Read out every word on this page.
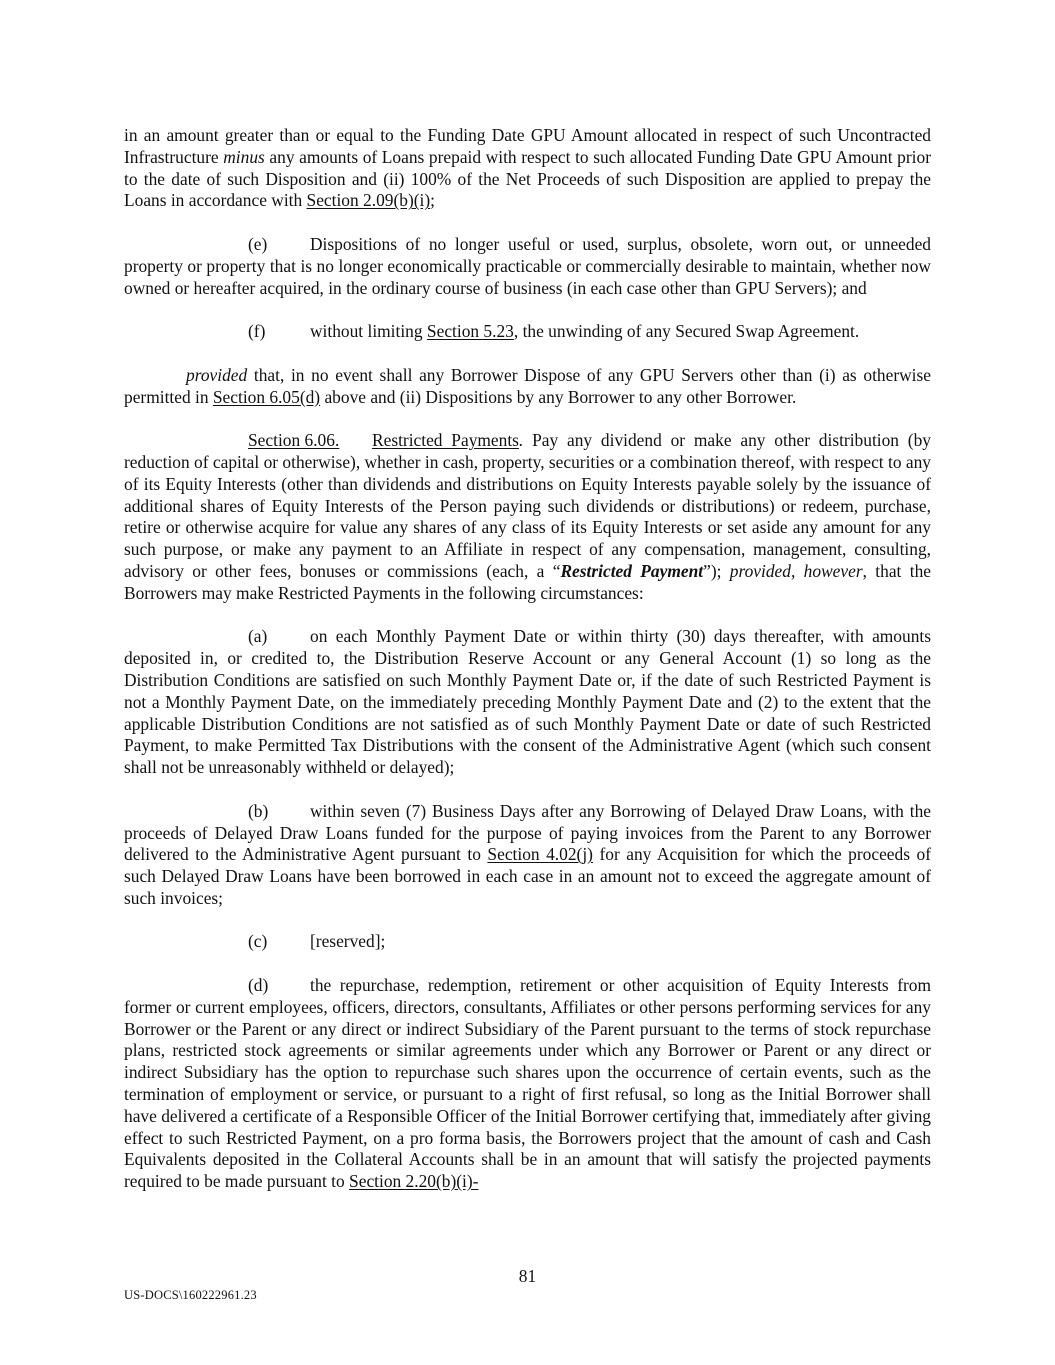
in an amount greater than or equal to the Funding Date GPU Amount allocated in respect of such Uncontracted Infrastructure minus any amounts of Loans prepaid with respect to such allocated Funding Date GPU Amount prior to the date of such Disposition and (ii) 100% of the Net Proceeds of such Disposition are applied to prepay the Loans in accordance with Section 2.09(b)(i);

(e) Dispositions of no longer useful or used, surplus, obsolete, worn out, or unneeded property or property that is no longer economically practicable or commercially desirable to maintain, whether now owned or hereafter acquired, in the ordinary course of business (in each case other than GPU Servers); and

(f)	without limiting Section 5.23, the unwinding of any Secured Swap Agreement.

provided that, in no event shall any Borrower Dispose of any GPU Servers other than (i) as otherwise permitted in Section 6.05(d) above and (ii) Dispositions by any Borrower to any other Borrower.

Section 6.06. Restricted Payments. Pay any dividend or make any other distribution (by reduction of capital or otherwise), whether in cash, property, securities or a combination thereof, with respect to any of its Equity Interests (other than dividends and distributions on Equity Interests payable solely by the issuance of additional shares of Equity Interests of the Person paying such dividends or distributions) or redeem, purchase, retire or otherwise acquire for value any shares of any class of its Equity Interests or set aside any amount for any such purpose, or make any payment to an Affiliate in respect of any compensation, management, consulting, advisory or other fees, bonuses or commissions (each, a “Restricted Payment”); provided, however, that the Borrowers may make Restricted Payments in the following circumstances:

(a) on each Monthly Payment Date or within thirty (30) days thereafter, with amounts deposited in, or credited to, the Distribution Reserve Account or any General Account (1) so long as the Distribution Conditions are satisfied on such Monthly Payment Date or, if the date of such Restricted Payment is not a Monthly Payment Date, on the immediately preceding Monthly Payment Date and (2) to the extent that the applicable Distribution Conditions are not satisfied as of such Monthly Payment Date or date of such Restricted Payment, to make Permitted Tax Distributions with the consent of the Administrative Agent (which such consent shall not be unreasonably withheld or delayed);

(b) within seven (7) Business Days after any Borrowing of Delayed Draw Loans, with the proceeds of Delayed Draw Loans funded for the purpose of paying invoices from the Parent to any Borrower delivered to the Administrative Agent pursuant to Section 4.02(j) for any Acquisition for which the proceeds of such Delayed Draw Loans have been borrowed in each case in an amount not to exceed the aggregate amount of such invoices;

(c) [reserved];

(d) the repurchase, redemption, retirement or other acquisition of Equity Interests from former or current employees, officers, directors, consultants, Affiliates or other persons performing services for any Borrower or the Parent or any direct or indirect Subsidiary of the Parent pursuant to the terms of stock repurchase plans, restricted stock agreements or similar agreements under which any Borrower or Parent or any direct or indirect Subsidiary has the option to repurchase such shares upon the occurrence of certain events, such as the termination of employment or service, or pursuant to a right of first refusal, so long as the Initial Borrower shall have delivered a certificate of a Responsible Officer of the Initial Borrower certifying that, immediately after giving effect to such Restricted Payment, on a pro forma basis, the Borrowers project that the amount of cash and Cash Equivalents deposited in the Collateral Accounts shall be in an amount that will satisfy the projected payments required to be made pursuant to Section 2.20(b)(i)-

81
US-DOCS\160222961.23
